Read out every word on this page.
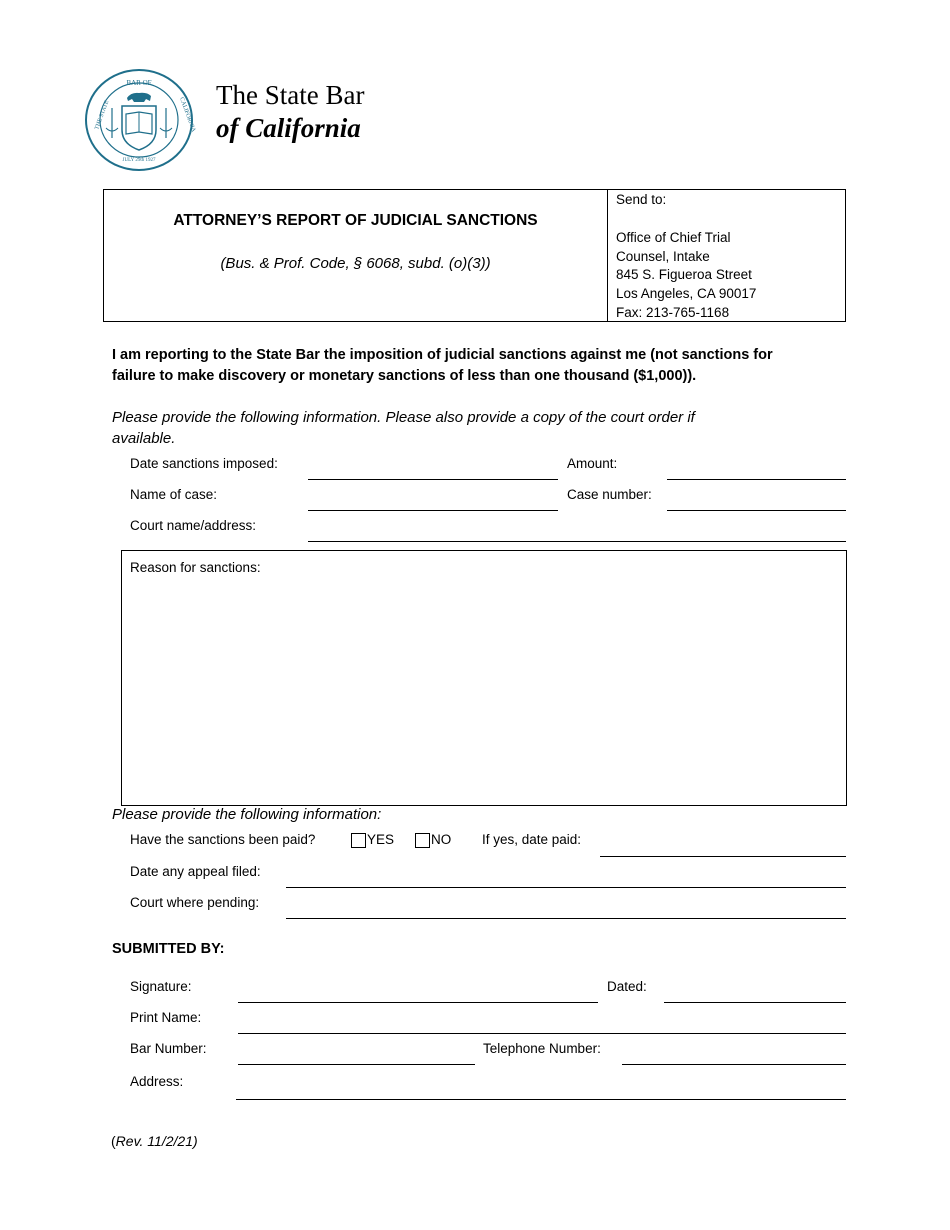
BAR OF
THE STATE	CALIFORNIA
JULY 29th 1927
The State Bar
of California
ATTORNEY’S REPORT OF JUDICIAL SANCTIONS
(Bus. & Prof. Code, § 6068, subd. (o)(3))
Send to:
Office of Chief Trial
Counsel, Intake
845 S. Figueroa Street
Los Angeles, CA 90017
Fax: 213-765-1168
I am reporting to the State Bar the imposition of judicial sanctions against me (not sanctions for failure to make discovery or monetary sanctions of less than one thousand ($1,000)).
Please provide the following information. Please also provide a copy of the court order if available.
Date sanctions imposed:	Amount:
Name of case:	Case number:
Court name/address:
Reason for sanctions:
Please provide the following information:
Have the sanctions been paid?	YES	NO If yes, date paid:
Date any appeal filed:
Court where pending:
SUBMITTED BY:
Signature:	Dated:
Print Name:
Bar Number:	Telephone Number:
Address:
(Rev. 11/2/21)
